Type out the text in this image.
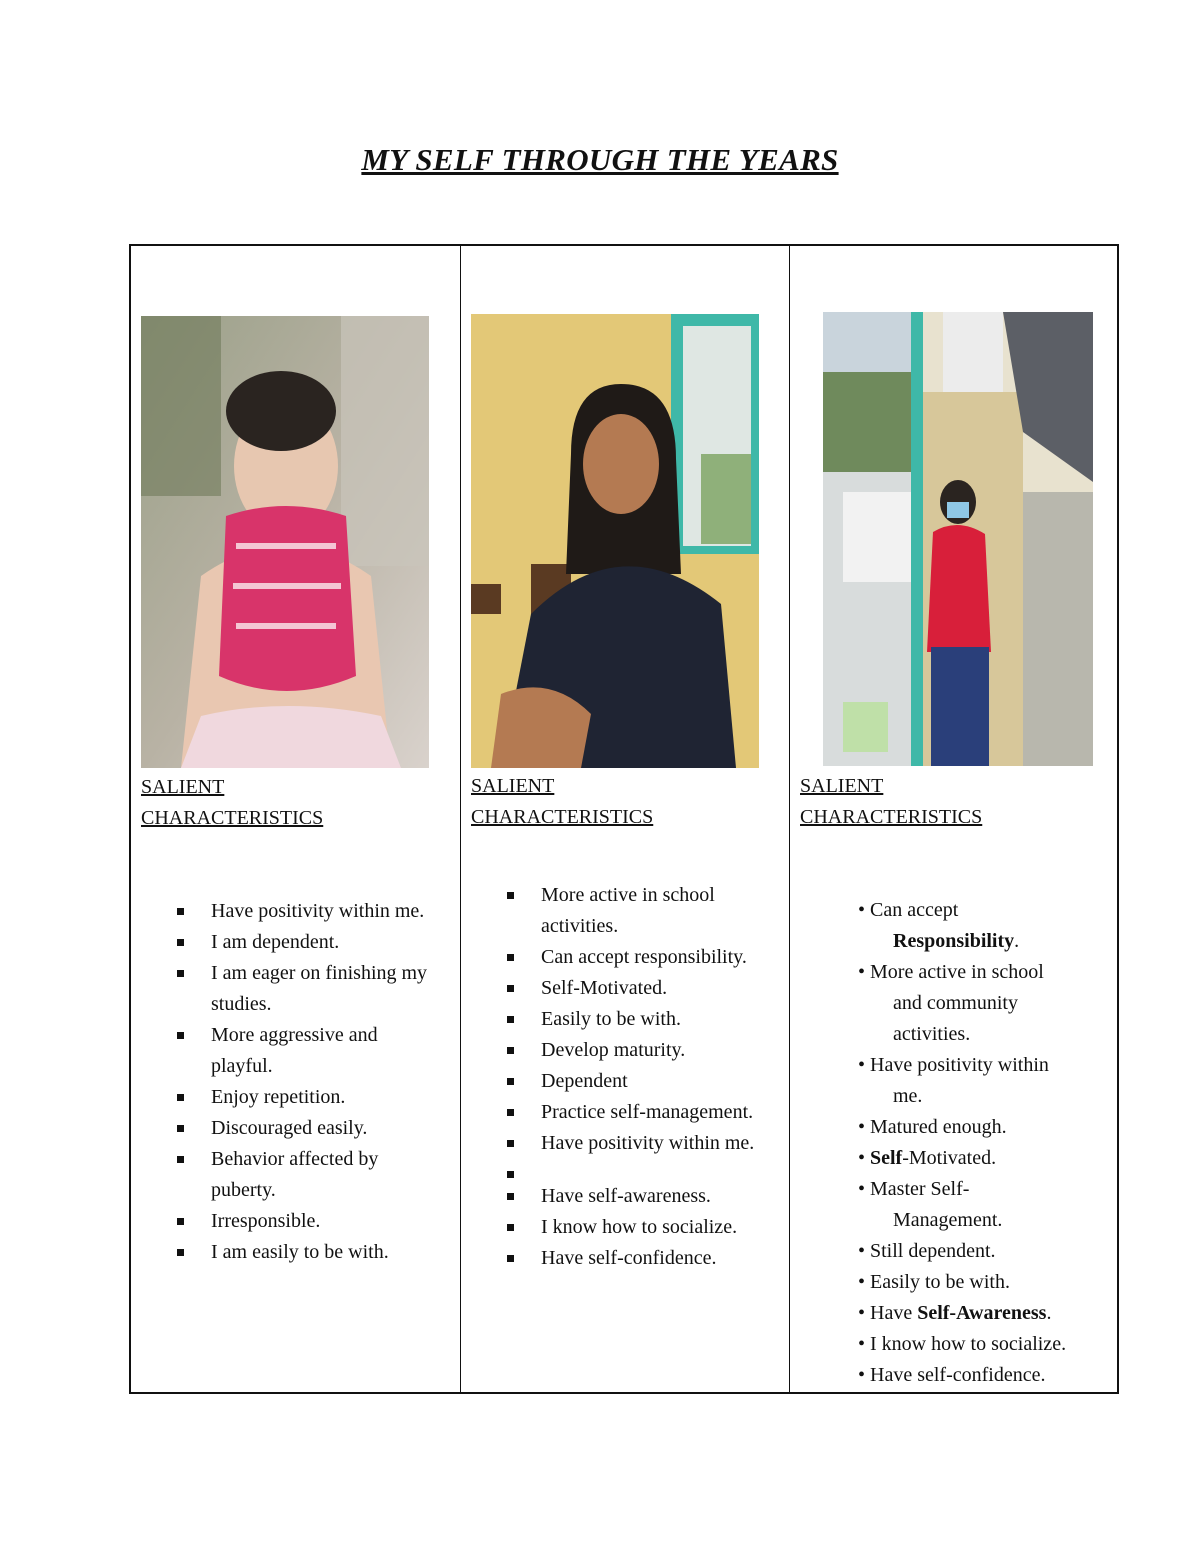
MY SELF THROUGH THE YEARS
SALIENT
CHARACTERISTICS
Have positivity within me.
I am dependent.
I am eager on finishing my studies.
More aggressive and playful.
Enjoy repetition.
Discouraged easily.
Behavior affected by puberty.
Irresponsible.
I am easily to be with.
SALIENT
CHARACTERISTICS
More active in school activities.
Can accept responsibility.
Self-Motivated.
Easily to be with.
Develop maturity.
Dependent
Practice self-management.
Have positivity within me.
Have self-awareness.
I know how to socialize.
Have self-confidence.
SALIENT
CHARACTERISTICS
• Can accept
Responsibility.
• More active in school
and community
activities.
• Have positivity within
me.
• Matured enough.
• Self-Motivated.
• Master Self-
Management.
• Still dependent.
• Easily to be with.
• Have Self-Awareness.
• I know how to socialize.
• Have self-confidence.
